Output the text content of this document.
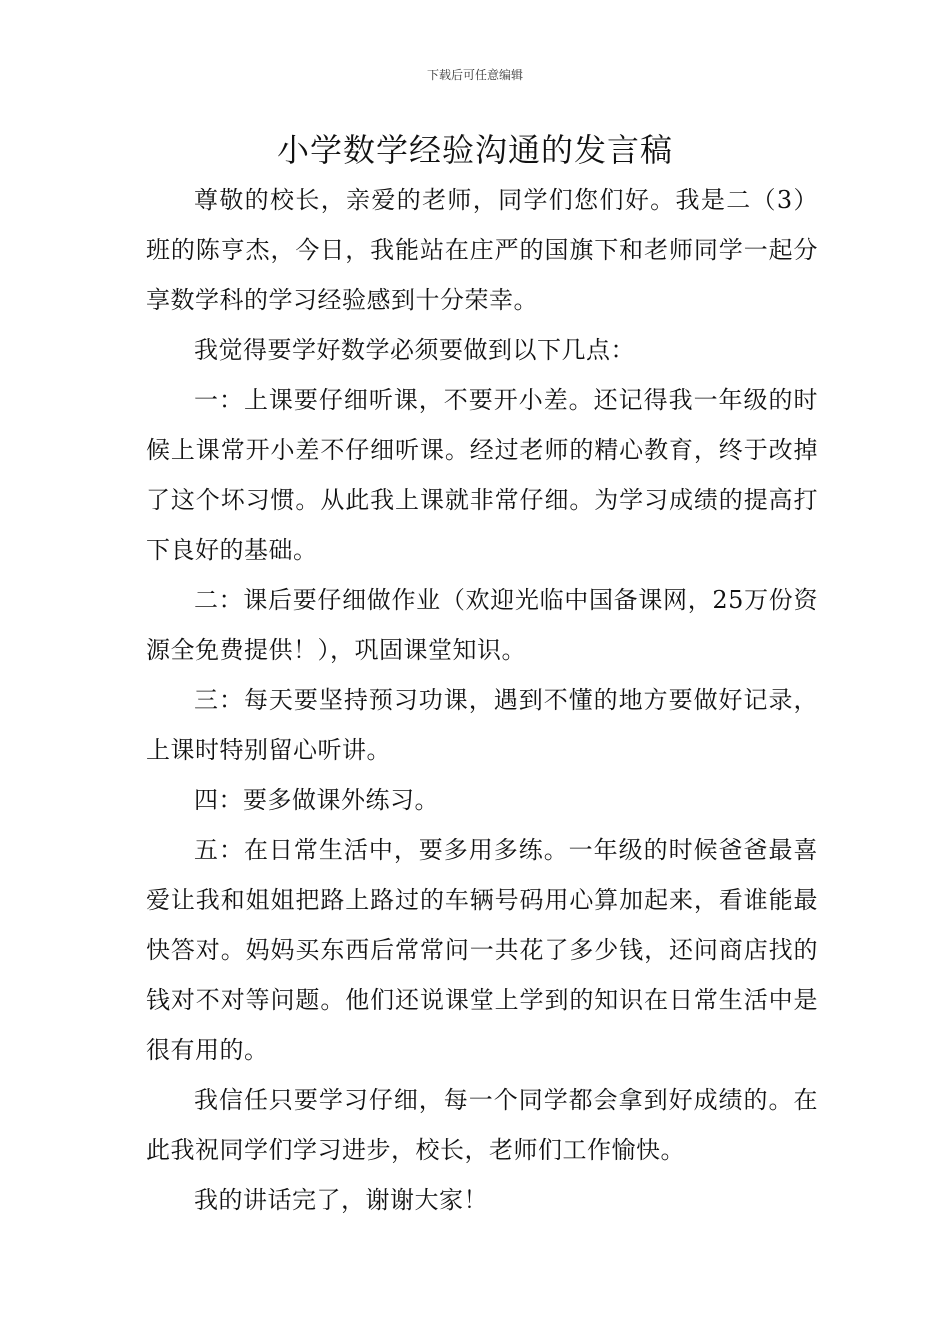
下载后可任意编辑
小学数学经验沟通的发言稿

尊敬的校长，亲爱的老师，同学们您们好。我是二（3）班的陈亨杰，今日，我能站在庄严的国旗下和老师同学一起分享数学科的学习经验感到十分荣幸。

我觉得要学好数学必须要做到以下几点：

一：上课要仔细听课，不要开小差。还记得我一年级的时候上课常开小差不仔细听课。经过老师的精心教育，终于改掉了这个坏习惯。从此我上课就非常仔细。为学习成绩的提高打下良好的基础。

二：课后要仔细做作业（欢迎光临中国备课网，25万份资源全免费提供！），巩固课堂知识。

三：每天要坚持预习功课，遇到不懂的地方要做好记录，上课时特别留心听讲。

四：要多做课外练习。

五：在日常生活中，要多用多练。一年级的时候爸爸最喜爱让我和姐姐把路上路过的车辆号码用心算加起来，看谁能最快答对。妈妈买东西后常常问一共花了多少钱，还问商店找的钱对不对等问题。他们还说课堂上学到的知识在日常生活中是很有用的。

我信任只要学习仔细，每一个同学都会拿到好成绩的。在此我祝同学们学习进步，校长，老师们工作愉快。

我的讲话完了，谢谢大家！
